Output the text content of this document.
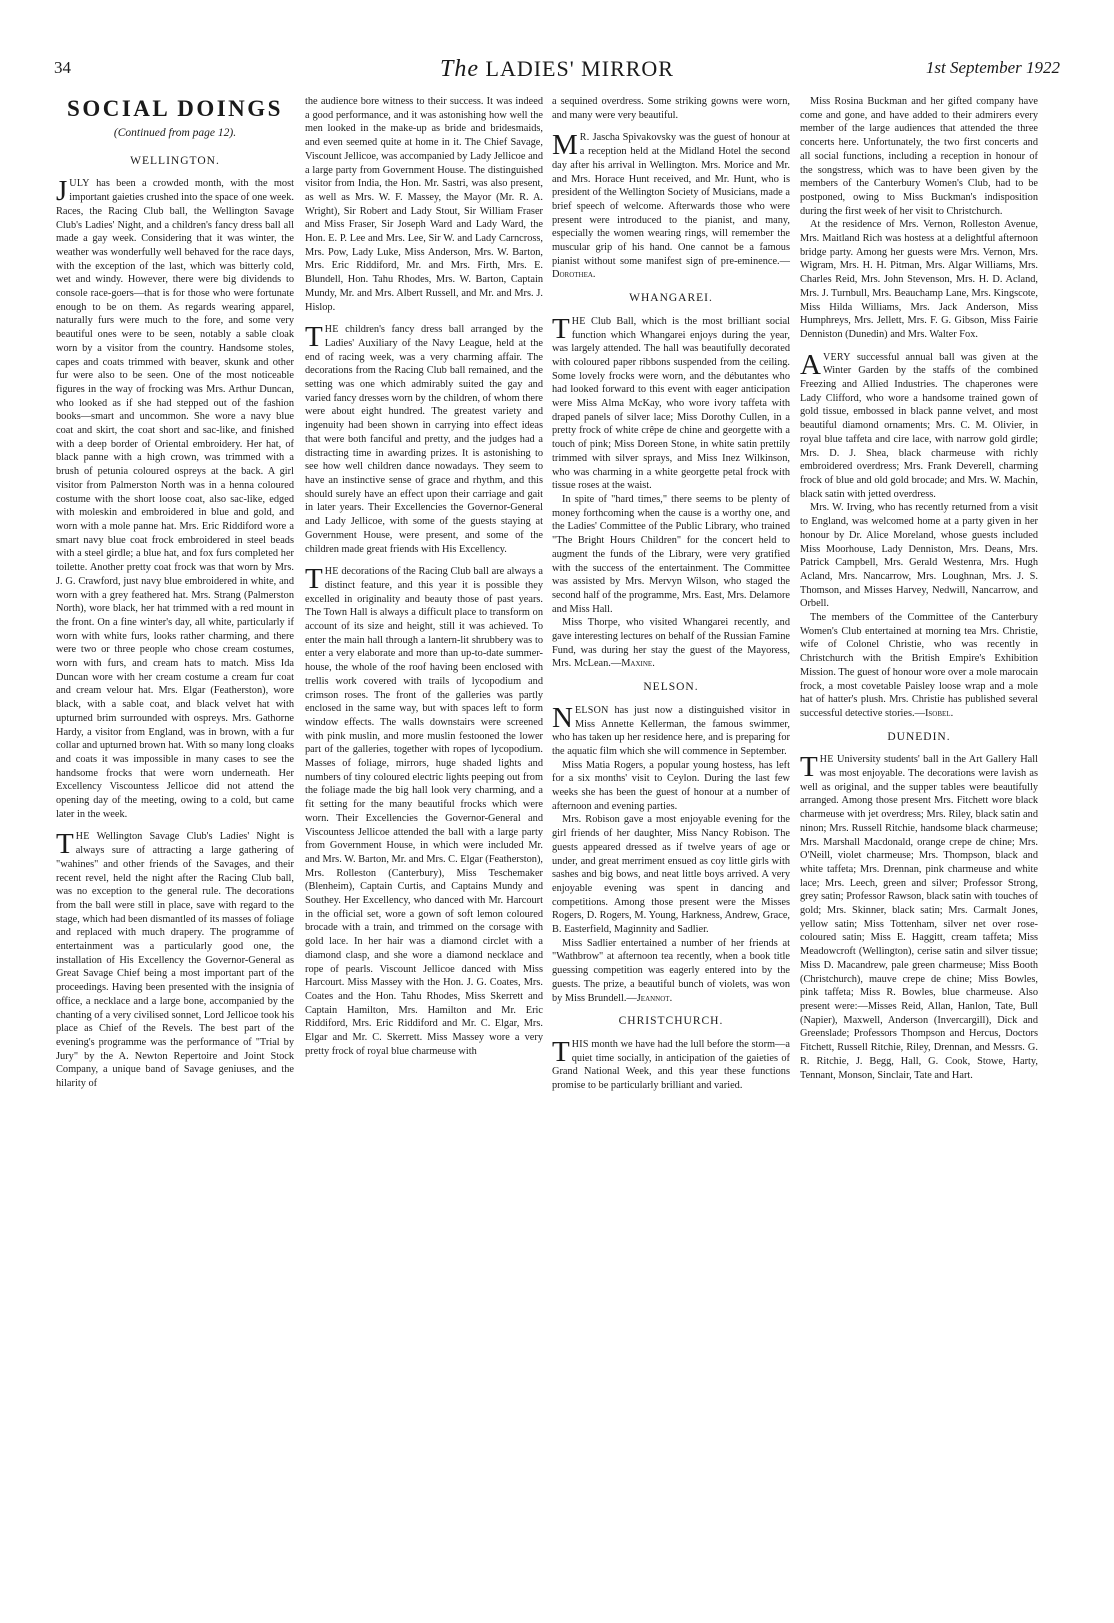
34	The LADIES' MIRROR	1st September 1922
SOCIAL DOINGS
(Continued from page 12).
WELLINGTON.

JULY has been a crowded month, with the most important gaieties crushed into the space of one week. Races, the Racing Club ball, the Wellington Savage Club's Ladies' Night, and a children's fancy dress ball all made a gay week. Considering that it was winter, the weather was wonderfully well behaved for the race days, with the exception of the last, which was bitterly cold, wet and windy. However, there were big dividends to console race-goers—that is for those who were fortunate enough to be on them. As regards wearing apparel, naturally furs were much to the fore, and some very beautiful ones were to be seen, notably a sable cloak worn by a visitor from the country. Handsome stoles, capes and coats trimmed with beaver, skunk and other fur were also to be seen. One of the most noticeable figures in the way of frocking was Mrs. Arthur Duncan, who looked as if she had stepped out of the fashion books—smart and uncommon. She wore a navy blue coat and skirt, the coat short and sac-like, and finished with a deep border of Oriental embroidery. Her hat, of black panne with a high crown, was trimmed with a brush of petunia coloured ospreys at the back. A girl visitor from Palmerston North was in a henna coloured costume with the short loose coat, also sac-like, edged with moleskin and embroidered in blue and gold, and worn with a mole panne hat. Mrs. Eric Riddiford wore a smart navy blue coat frock embroidered in steel beads with a steel girdle; a blue hat, and fox furs completed her toilette. Another pretty coat frock was that worn by Mrs. J. G. Crawford, just navy blue embroidered in white, and worn with a grey feathered hat. Mrs. Strang (Palmerston North), wore black, her hat trimmed with a red mount in the front. On a fine winter's day, all white, particularly if worn with white furs, looks rather charming, and there were two or three people who chose cream costumes, worn with furs, and cream hats to match. Miss Ida Duncan wore with her cream costume a cream fur coat and cream velour hat. Mrs. Elgar (Featherston), wore black, with a sable coat, and black velvet hat with upturned brim surrounded with ospreys. Mrs. Gathorne Hardy, a visitor from England, was in brown, with a fur collar and upturned brown hat. With so many long cloaks and coats it was impossible in many cases to see the handsome frocks that were worn underneath. Her Excellency Viscountess Jellicoe did not attend the opening day of the meeting, owing to a cold, but came later in the week.

THE Wellington Savage Club's Ladies' Night is always sure of attracting a large gathering of "wahines" and other friends of the Savages, and their recent revel, held the night after the Racing Club ball, was no exception to the general rule. The decorations from the ball were still in place, save with regard to the stage, which had been dismantled of its masses of foliage and replaced with much drapery. The programme of entertainment was a particularly good one, the installation of His Excellency the Governor-General as Great Savage Chief being a most important part of the proceedings. Having been presented with the insignia of office, a necklace and a large bone, accompanied by the chanting of a very civilised sonnet, Lord Jellicoe took his place as Chief of the Revels. The best part of the evening's programme was the performance of "Trial by Jury" by the A. Newton Repertoire and Joint Stock Company, a unique band of Savage geniuses, and the hilarity of

the audience bore witness to their success. It was indeed a good performance, and it was astonishing how well the men looked in the make-up as bride and bridesmaids, and even seemed quite at home in it. The Chief Savage, Viscount Jellicoe, was accompanied by Lady Jellicoe and a large party from Government House. The distinguished visitor from India, the Hon. Mr. Sastri, was also present, as well as Mrs. W. F. Massey, the Mayor (Mr. R. A. Wright), Sir Robert and Lady Stout, Sir William Fraser and Miss Fraser, Sir Joseph Ward and Lady Ward, the Hon. E. P. Lee and Mrs. Lee, Sir W. and Lady Carncross, Mrs. Pow, Lady Luke, Miss Anderson, Mrs. W. Barton, Mrs. Eric Riddiford, Mr. and Mrs. Firth, Mrs. E. Blundell, Hon. Tahu Rhodes, Mrs. W. Barton, Captain Mundy, Mr. and Mrs. Albert Russell, and Mr. and Mrs. J. Hislop.

THE children's fancy dress ball arranged by the Ladies' Auxiliary of the Navy League, held at the end of racing week, was a very charming affair. The decorations from the Racing Club ball remained, and the setting was one which admirably suited the gay and varied fancy dresses worn by the children, of whom there were about eight hundred. The greatest variety and ingenuity had been shown in carrying into effect ideas that were both fanciful and pretty, and the judges had a distracting time in awarding prizes. It is astonishing to see how well children dance nowadays. They seem to have an instinctive sense of grace and rhythm, and this should surely have an effect upon their carriage and gait in later years. Their Excellencies the Governor-General and Lady Jellicoe, with some of the guests staying at Government House, were present, and some of the children made great friends with His Excellency.

THE decorations of the Racing Club ball are always a distinct feature, and this year it is possible they excelled in originality and beauty those of past years. The Town Hall is always a difficult place to transform on account of its size and height, still it was achieved. To enter the main hall through a lantern-lit shrubbery was to enter a very elaborate and more than up-to-date summer-house, the whole of the roof having been enclosed with trellis work covered with trails of lycopodium and crimson roses. The front of the galleries was partly enclosed in the same way, but with spaces left to form window effects. The walls downstairs were screened with pink muslin, and more muslin festooned the lower part of the galleries, together with ropes of lycopodium. Masses of foliage, mirrors, huge shaded lights and numbers of tiny coloured electric lights peeping out from the foliage made the big hall look very charming, and a fit setting for the many beautiful frocks which were worn. Their Excellencies the Governor-General and Viscountess Jellicoe attended the ball with a large party from Government House, in which were included Mr. and Mrs. W. Barton, Mr. and Mrs. C. Elgar (Featherston), Mrs. Rolleston (Canterbury), Miss Teschemaker (Blenheim), Captain Curtis, and Captains Mundy and Southey. Her Excellency, who danced with Mr. Harcourt in the official set, wore a gown of soft lemon coloured brocade with a train, and trimmed on the corsage with gold lace. In her hair was a diamond circlet with a diamond clasp, and she wore a diamond necklace and rope of pearls. Viscount Jellicoe danced with Miss Harcourt. Miss Massey with the Hon. J. G. Coates, Mrs. Coates and the Hon. Tahu Rhodes, Miss Skerrett and Captain Hamilton, Mrs. Hamilton and Mr. Eric Riddiford, Mrs. Eric Riddiford and Mr. C. Elgar, Mrs. Elgar and Mr. C. Skerrett. Miss Massey wore a very pretty frock of royal blue charmeuse with

a sequined overdress. Some striking gowns were worn, and many were very beautiful.

M R. Jascha Spivakovsky was the guest of honour at a reception held at the Midland Hotel the second day after his arrival in Wellington. Mrs. Morice and Mr. and Mrs. Horace Hunt received, and Mr. Hunt, who is president of the Wellington Society of Musicians, made a brief speech of welcome. Afterwards those who were present were introduced to the pianist, and many, especially the women wearing rings, will remember the muscular grip of his hand. One cannot be a famous pianist without some manifest sign of pre-eminence.—Dorothea.

WHANGAREI.

THE Club Ball, which is the most brilliant social function which Whangarei enjoys during the year, was largely attended. The hall was beautifully decorated with coloured paper ribbons suspended from the ceiling. Some lovely frocks were worn, and the débutantes who had looked forward to this event with eager anticipation were Miss Alma McKay, who wore ivory taffeta with draped panels of silver lace; Miss Dorothy Cullen, in a pretty frock of white crêpe de chine and georgette with a touch of pink; Miss Doreen Stone, in white satin prettily trimmed with silver sprays, and Miss Inez Wilkinson, who was charming in a white georgette petal frock with tissue roses at the waist.

In spite of "hard times," there seems to be plenty of money forthcoming when the cause is a worthy one, and the Ladies' Committee of the Public Library, who trained "The Bright Hours Children" for the concert held to augment the funds of the Library, were very gratified with the success of the entertainment. The Committee was assisted by Mrs. Mervyn Wilson, who staged the second half of the programme, Mrs. East, Mrs. Delamore and Miss Hall.

Miss Thorpe, who visited Whangarei recently, and gave interesting lectures on behalf of the Russian Famine Fund, was during her stay the guest of the Mayoress, Mrs. McLean.—Maxine.

NELSON.

NELSON has just now a distinguished visitor in Miss Annette Kellerman, the famous swimmer, who has taken up her residence here, and is preparing for the aquatic film which she will commence in September.

Miss Matia Rogers, a popular young hostess, has left for a six months' visit to Ceylon. During the last few weeks she has been the guest of honour at a number of afternoon and evening parties.

Mrs. Robison gave a most enjoyable evening for the girl friends of her daughter, Miss Nancy Robison. The guests appeared dressed as if twelve years of age or under, and great merriment ensued as coy little girls with sashes and big bows, and neat little boys arrived. A very enjoyable evening was spent in dancing and competitions. Among those present were the Misses Rogers, D. Rogers, M. Young, Harkness, Andrew, Grace, B. Easterfield, Maginnity and Sadlier.

Miss Sadlier entertained a number of her friends at "Wathbrow" at afternoon tea recently, when a book title guessing competition was eagerly entered into by the guests. The prize, a beautiful bunch of violets, was won by Miss Brundell.—Jeannot.

CHRISTCHURCH.

THIS month we have had the lull before the storm—a quiet time socially, in anticipation of the gaieties of Grand National Week, and this year these functions promise to be particularly brilliant and varied.

Miss Rosina Buckman and her gifted company have come and gone, and have added to their admirers every member of the large audiences that attended the three concerts here. Unfortunately, the two first concerts and all social functions, including a reception in honour of the songstress, which was to have been given by the members of the Canterbury Women's Club, had to be postponed, owing to Miss Buckman's indisposition during the first week of her visit to Christchurch.

At the residence of Mrs. Vernon, Rolleston Avenue, Mrs. Maitland Rich was hostess at a delightful afternoon bridge party. Among her guests were Mrs. Vernon, Mrs. Wigram, Mrs. H. H. Pitman, Mrs. Algar Williams, Mrs. Charles Reid, Mrs. John Stevenson, Mrs. H. D. Acland, Mrs. J. Turnbull, Mrs. Beauchamp Lane, Mrs. Kingscote, Miss Hilda Williams, Mrs. Jack Anderson, Miss Humphreys, Mrs. Jellett, Mrs. F. G. Gibson, Miss Fairie Denniston (Dunedin) and Mrs. Walter Fox.

AVERY successful annual ball was given at the Winter Garden by the staffs of the combined Freezing and Allied Industries. The chaperones were Lady Clifford, who wore a handsome trained gown of gold tissue, embossed in black panne velvet, and most beautiful diamond ornaments; Mrs. C. M. Olivier, in royal blue taffeta and cire lace, with narrow gold girdle; Mrs. D. J. Shea, black charmeuse with richly embroidered overdress; Mrs. Frank Deverell, charming frock of blue and old gold brocade; and Mrs. W. Machin, black satin with jetted overdress.

Mrs. W. Irving, who has recently returned from a visit to England, was welcomed home at a party given in her honour by Dr. Alice Moreland, whose guests included Miss Moorhouse, Lady Denniston, Mrs. Deans, Mrs. Patrick Campbell, Mrs. Gerald Westenra, Mrs. Hugh Acland, Mrs. Nancarrow, Mrs. Loughnan, Mrs. J. S. Thomson, and Misses Harvey, Nedwill, Nancarrow, and Orbell.

The members of the Committee of the Canterbury Women's Club entertained at morning tea Mrs. Christie, wife of Colonel Christie, who was recently in Christchurch with the British Empire's Exhibition Mission. The guest of honour wore over a mole marocain frock, a most covetable Paisley loose wrap and a mole hat of hatter's plush. Mrs. Christie has published several successful detective stories.—Isobel.

DUNEDIN.

THE University students' ball in the Art Gallery Hall was most enjoyable. The decorations were lavish as well as original, and the supper tables were beautifully arranged. Among those present Mrs. Fitchett wore black charmeuse with jet overdress; Mrs. Riley, black satin and ninon; Mrs. Russell Ritchie, handsome black charmeuse; Mrs. Marshall Macdonald, orange crepe de chine; Mrs. O'Neill, violet charmeuse; Mrs. Thompson, black and white taffeta; Mrs. Drennan, pink charmeuse and white lace; Mrs. Leech, green and silver; Professor Strong, grey satin; Professor Rawson, black satin with touches of gold; Mrs. Skinner, black satin; Mrs. Carmalt Jones, yellow satin; Miss Tottenham, silver net over rose-coloured satin; Miss E. Haggitt, cream taffeta; Miss Meadowcroft (Wellington), cerise satin and silver tissue; Miss D. Macandrew, pale green charmeuse; Miss Booth (Christchurch), mauve crepe de chine; Miss Bowles, pink taffeta; Miss R. Bowles, blue charmeuse. Also present were:—Misses Reid, Allan, Hanlon, Tate, Bull (Napier), Maxwell, Anderson (Invercargill), Dick and Greenslade; Professors Thompson and Hercus, Doctors Fitchett, Russell Ritchie, Riley, Drennan, and Messrs. G. R. Ritchie, J. Begg, Hall, G. Cook, Stowe, Harty, Tennant, Monson, Sinclair, Tate and Hart.
